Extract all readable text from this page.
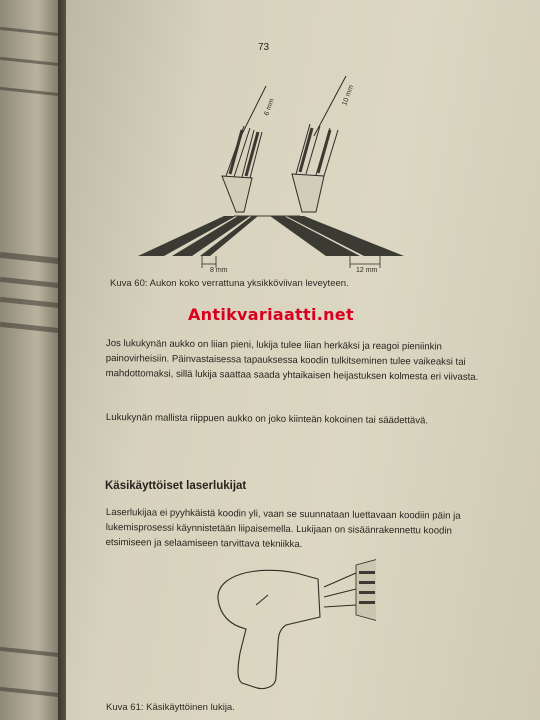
73
6 mm
10 mm
8 mm	12 mm
Kuva 60: Aukon koko verrattuna yksikköviivan leveyteen.
Antikvariaatti.net
Jos lukukynän aukko on liian pieni, lukija tulee liian herkäksi ja reagoi pieniinkin painovirheisiin. Päinvastaisessa tapauksessa koodin tulkitseminen tulee vaikeaksi tai mahdottomaksi, sillä lukija saattaa saada yhtaikaisen heijastuksen kolmesta eri viivasta.
Lukukynän mallista riippuen aukko on joko kiinteän kokoinen tai säädettävä.
Käsikäyttöiset laserlukijat
Laserlukijaa ei pyyhkäistä koodin yli, vaan se suunnataan luettavaan koodiin päin ja lukemisprosessi käynnistetään liipaisemella. Lukijaan on sisäänrakennettu koodin etsimiseen ja selaamiseen tarvittava tekniikka.
Kuva 61: Käsikäyttöinen lukija.
